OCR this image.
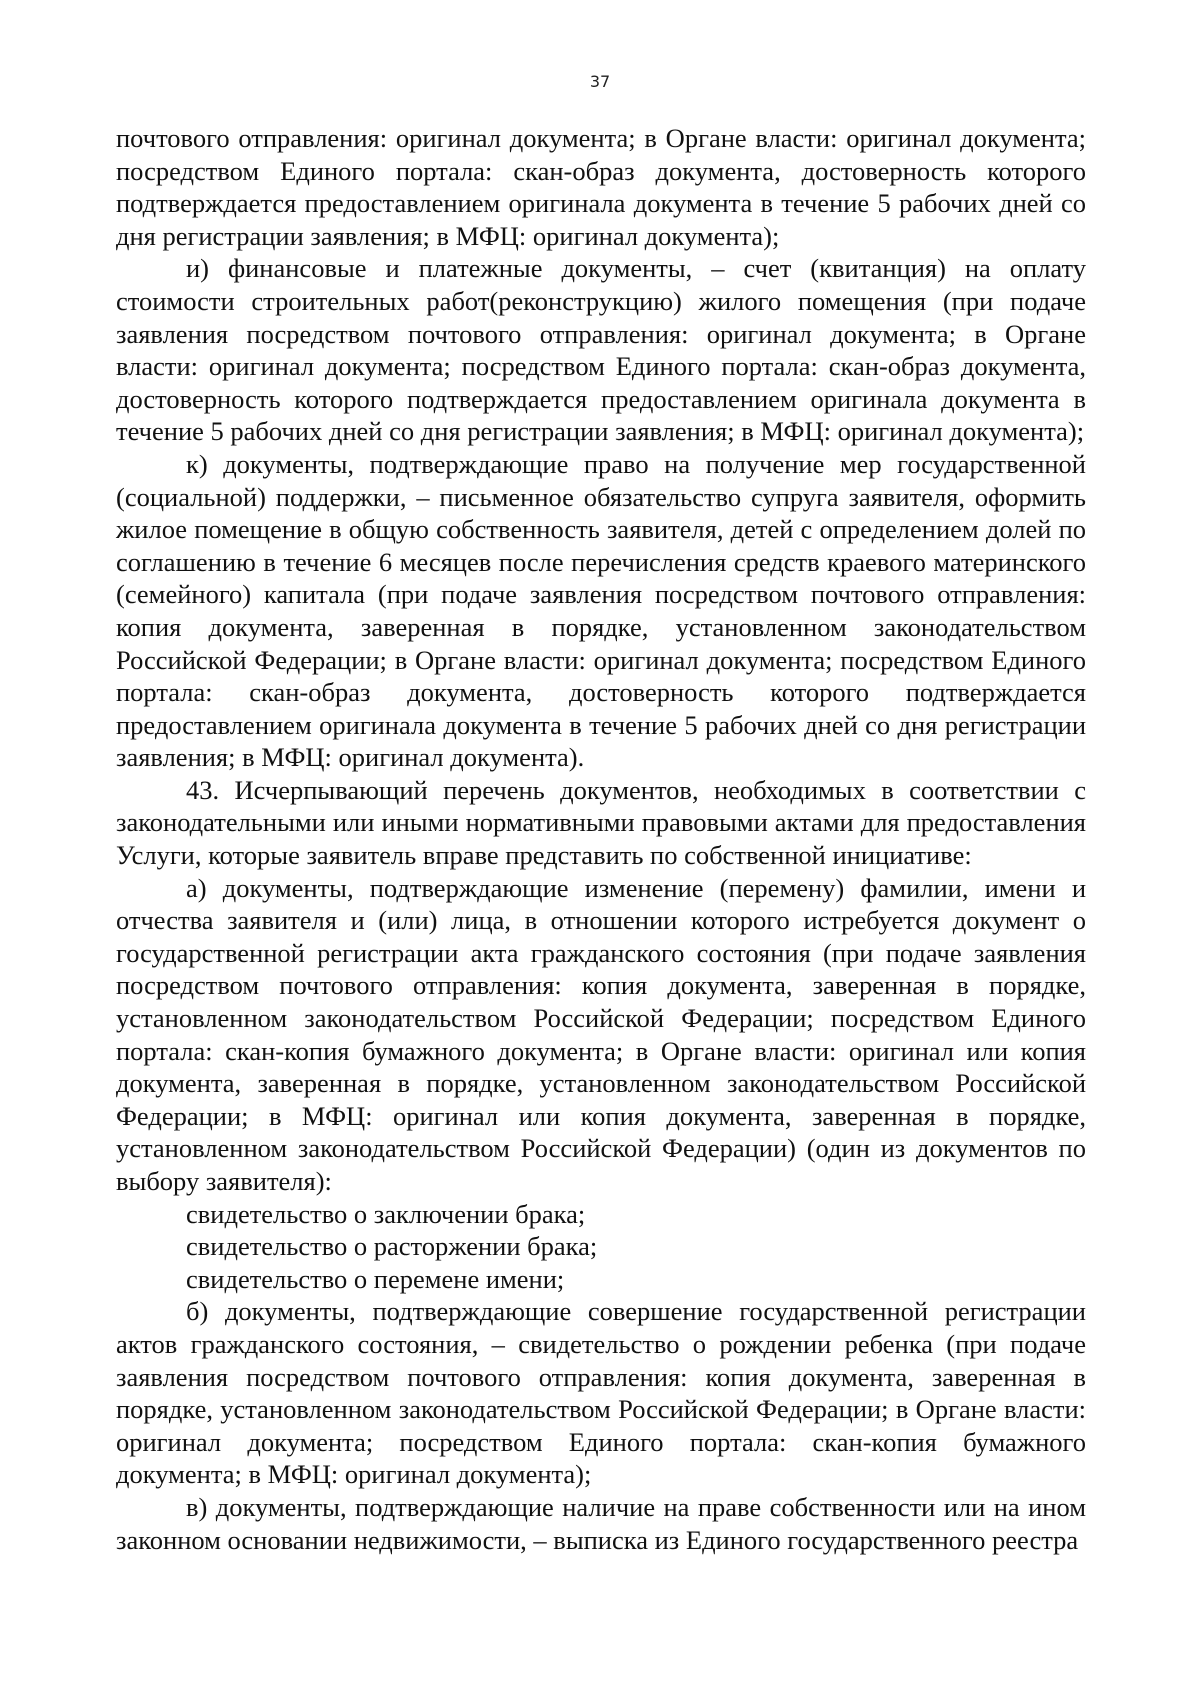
37

почтового отправления: оригинал документа; в Органе власти: оригинал документа; посредством Единого портала: скан-образ документа, достоверность которого подтверждается предоставлением оригинала документа в течение 5 рабочих дней со дня регистрации заявления; в МФЦ: оригинал документа);

и) финансовые и платежные документы, – счет (квитанция) на оплату стоимости строительных работ(реконструкцию) жилого помещения (при подаче заявления посредством почтового отправления: оригинал документа; в Органе власти: оригинал документа; посредством Единого портала: скан-образ документа, достоверность которого подтверждается предоставлением оригинала документа в течение 5 рабочих дней со дня регистрации заявления; в МФЦ: оригинал документа);

к) документы, подтверждающие право на получение мер государственной (социальной) поддержки, – письменное обязательство супруга заявителя, оформить жилое помещение в общую собственность заявителя, детей с определением долей по соглашению в течение 6 месяцев после перечисления средств краевого материнского (семейного) капитала (при подаче заявления посредством почтового отправления: копия документа, заверенная в порядке, установленном законодательством Российской Федерации; в Органе власти: оригинал документа; посредством Единого портала: скан-образ документа, достоверность которого подтверждается предоставлением оригинала документа в течение 5 рабочих дней со дня регистрации заявления; в МФЦ: оригинал документа).

43. Исчерпывающий перечень документов, необходимых в соответствии с законодательными или иными нормативными правовыми актами для предоставления Услуги, которые заявитель вправе представить по собственной инициативе:

а) документы, подтверждающие изменение (перемену) фамилии, имени и отчества заявителя и (или) лица, в отношении которого истребуется документ о государственной регистрации акта гражданского состояния (при подаче заявления посредством почтового отправления: копия документа, заверенная в порядке, установленном законодательством Российской Федерации; посредством Единого портала: скан-копия бумажного документа; в Органе власти: оригинал или копия документа, заверенная в порядке, установленном законодательством Российской Федерации; в МФЦ: оригинал или копия документа, заверенная в порядке, установленном законодательством Российской Федерации) (один из документов по выбору заявителя):

свидетельство о заключении брака;

свидетельство о расторжении брака;

свидетельство о перемене имени;

б) документы, подтверждающие совершение государственной регистрации актов гражданского состояния, – свидетельство о рождении ребенка (при подаче заявления посредством почтового отправления: копия документа, заверенная в порядке, установленном законодательством Российской Федерации; в Органе власти: оригинал документа; посредством Единого портала: скан-копия бумажного документа; в МФЦ: оригинал документа);

в) документы, подтверждающие наличие на праве собственности или на ином законном основании недвижимости, – выписка из Единого государственного реестра
